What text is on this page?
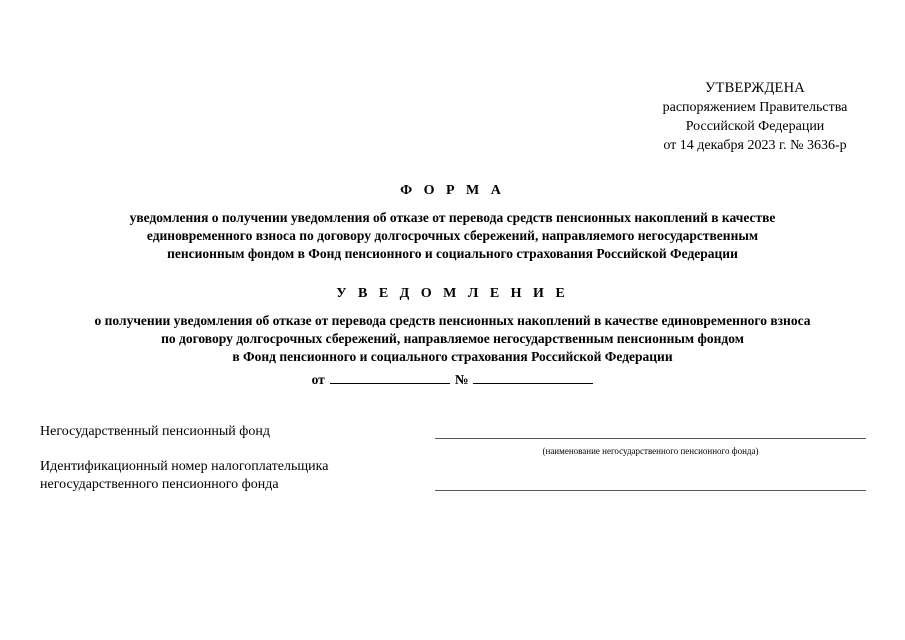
УТВЕРЖДЕНА
распоряжением Правительства
Российской Федерации
от 14 декабря 2023 г. № 3636-р
Ф О Р М А
уведомления о получении уведомления об отказе от перевода средств пенсионных накоплений в качестве
единовременного взноса по договору долгосрочных сбережений, направляемого негосударственным
пенсионным фондом в Фонд пенсионного и социального страхования Российской Федерации
У В Е Д О М Л Е Н И Е
о получении уведомления об отказе от перевода средств пенсионных накоплений в качестве единовременного взноса
по договору долгосрочных сбережений, направляемое негосударственным пенсионным фондом
в Фонд пенсионного и социального страхования Российской Федерации
от	№
Негосударственный пенсионный фонд
(наименование негосударственного пенсионного фонда)
Идентификационный номер налогоплательщика
негосударственного пенсионного фонда
